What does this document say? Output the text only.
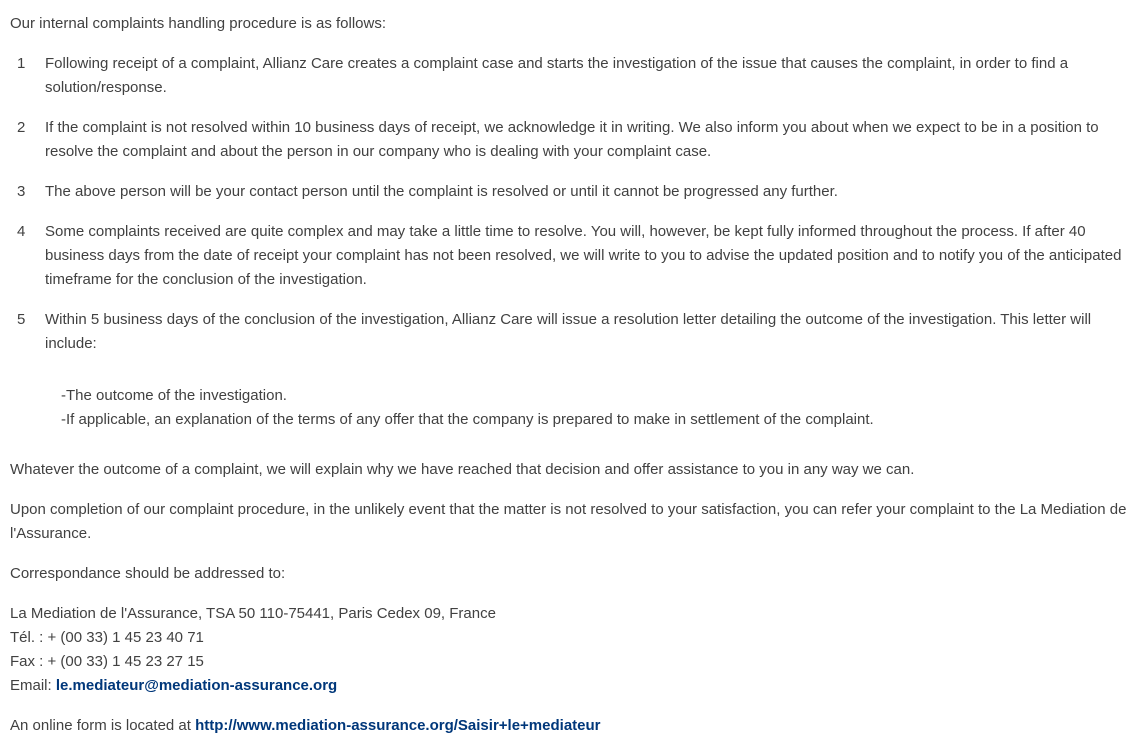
Our internal complaints handling procedure is as follows:

1 Following receipt of a complaint, Allianz Care creates a complaint case and starts the investigation of the issue that causes the complaint, in order to find a solution/response.
2 If the complaint is not resolved within 10 business days of receipt, we acknowledge it in writing. We also inform you about when we expect to be in a position to resolve the complaint and about the person in our company who is dealing with your complaint case.
3 The above person will be your contact person until the complaint is resolved or until it cannot be progressed any further.
4 Some complaints received are quite complex and may take a little time to resolve. You will, however, be kept fully informed throughout the process. If after 40 business days from the date of receipt your complaint has not been resolved, we will write to you to advise the updated position and to notify you of the anticipated timeframe for the conclusion of the investigation.
5 Within 5 business days of the conclusion of the investigation, Allianz Care will issue a resolution letter detailing the outcome of the investigation. This letter will include:
-The outcome of the investigation.
-If applicable, an explanation of the terms of any offer that the company is prepared to make in settlement of the complaint.

Whatever the outcome of a complaint, we will explain why we have reached that decision and offer assistance to you in any way we can.

Upon completion of our complaint procedure, in the unlikely event that the matter is not resolved to your satisfaction, you can refer your complaint to the La Mediation de l'Assurance.

Correspondance should be addressed to:

La Mediation de l'Assurance, TSA 50 110-75441, Paris Cedex 09, France
Tél. : + (00 33) 1 45 23 40 71
Fax : + (00 33) 1 45 23 27 15
Email: le.mediateur@mediation-assurance.org

An online form is located at http://www.mediation-assurance.org/Saisir+le+mediateur
